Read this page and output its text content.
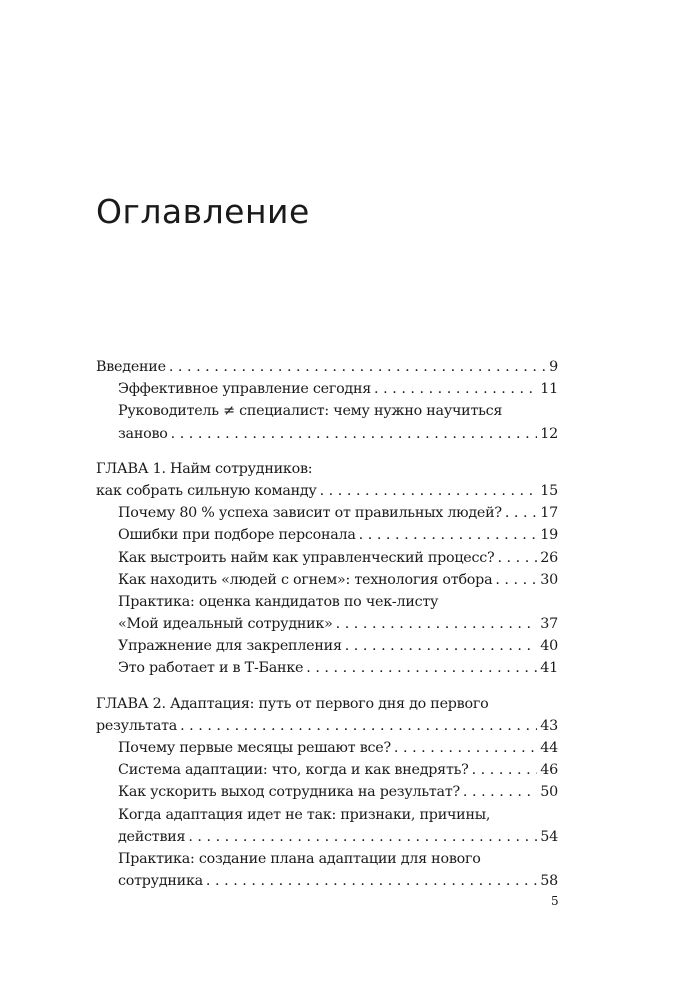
Оглавление
Введение . . .	9
Эффективное управление сегодня . . .	11
Руководитель ≠ специалист: чему нужно научиться
заново . . .	12
ГЛАВА 1. Найм сотрудников:
как собрать сильную команду . . .	15
Почему 80 % успеха зависит от правильных людей? . . .	17
Ошибки при подборе персонала . . .	19
Как выстроить найм как управленческий процесс? . . .	26
Как находить «людей с огнем»: технология отбора . . .	30
Практика: оценка кандидатов по чек-листу
«Мой идеальный сотрудник» . . .	37
Упражнение для закрепления . . .	40
Это работает и в Т-Банке . . .	41
ГЛАВА 2. Адаптация: путь от первого дня до первого
результата . . .	43
Почему первые месяцы решают все? . . .	44
Система адаптации: что, когда и как внедрять? . . .	46
Как ускорить выход сотрудника на результат? . . .	50
Когда адаптация идет не так: признаки, причины,
действия . . .	54
Практика: создание плана адаптации для нового
сотрудника . . .	58
5
